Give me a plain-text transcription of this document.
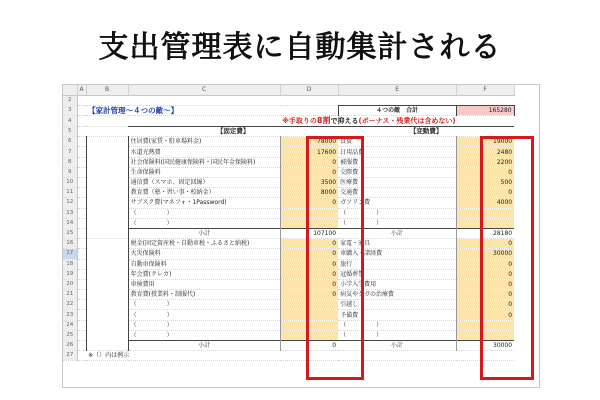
支出管理表に自動集計される
	A	B	C	D	E	F
2						
3		【家計管理～４つの敵～】			４つの敵　合計	165280
4				※手取りの8割で抑える(ボーナス・残業代は含めない)		
5			【固定費】		【変動費】	
6			住居費(家賃・駐車場料金)	78000	食費	19000
7			水道光熱費	17600	日用品費	2480
8			社会保険料(国民健康保険料・国民年金保険料)	0	被服費	2200
9			生命保険料	0	交際費	0
10			通信費（スマホ、固定回線）	3500	医療費	500
11			教育費（塾・習い事・校納金）	8000	交通費	0
12			サブスク費(マネフォ・1Password)	0	ガソリン費	4000
13			（　　　　　）		（　　　　　）	
14			（　　　　　）		（　　　　　）	
15			小計	107100	小計	28180
16			税金(固定資産税・自動車税・ふるさと納税)	0	家電・家具	0
17			火災保険料	0	車購入・諸経費	30000
18			自動車保険料	0	旅行	0
19			年会費(クレカ)	0	冠婚葬祭	0
20			車検費用	0	小学入学費用	0
21			教育費(授業料・制服代)	0	病気やケガの治療費	0
22			（　　　　　）		引越し	0
23			（　　　　　）		予備費	0
24			（　　　　　）		（　　　　　）	
25			（　　　　　）		（　　　　　）	
26			小計	0	小計	30000
27		※（）内は例示				
